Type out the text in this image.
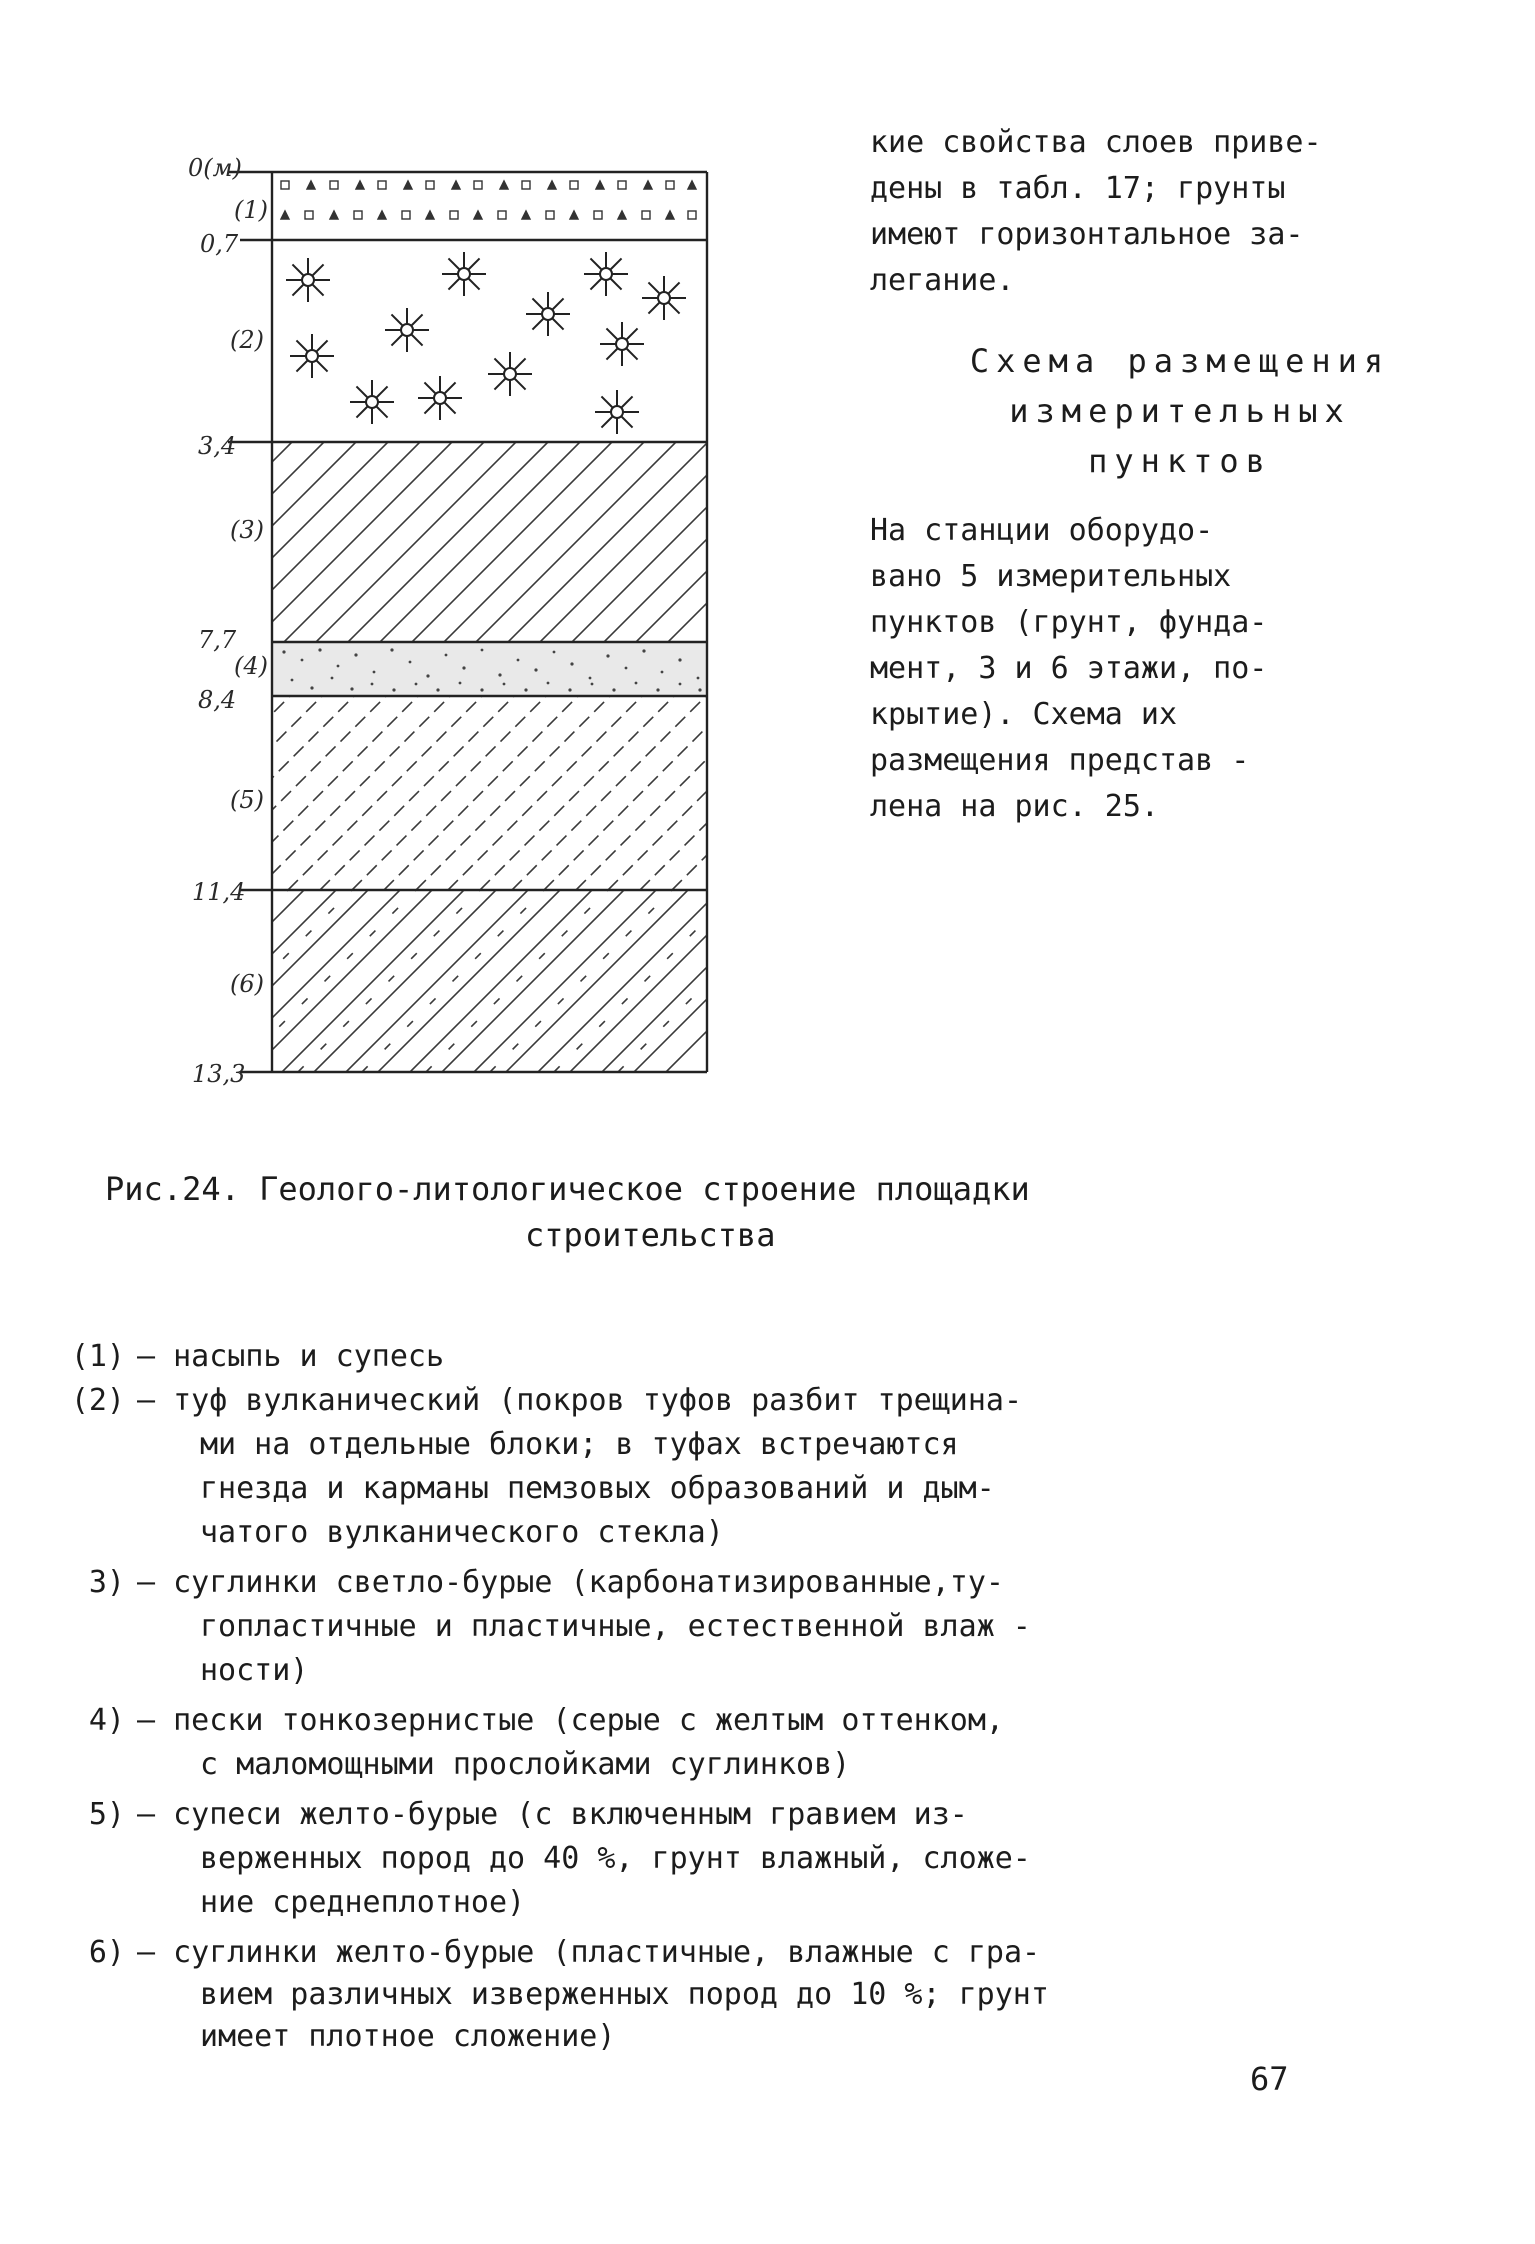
0(м)
0,7
3,4
7,7
8,4
11,4
13,3
(1)
(2)
(3)
(4)
(5)
(6)
кие свойства слоев приве-
дены в табл. 17; грунты
имеют горизонтальное за-
легание.
Схема размещения
измерительных
пунктов
На станции оборудо-
вано 5 измерительных
пунктов (грунт, фунда-
мент, 3 и 6 этажи, по-
крытие). Схема их
размещения представ -
лена на рис. 25.
Рис.24. Геолого-литологическое строение площадки
строительства
(1) – насыпь и супесь
(2) – туф вулканический (покров туфов разбит трещина-
ми на отдельные блоки; в туфах встречаются
гнезда и карманы пемзовых образований и дым-
чатого вулканического стекла)
3) – суглинки светло-бурые (карбонатизированные,ту-
гопластичные и пластичные, естественной влаж -
ности)
4) – пески тонкозернистые (серые с желтым оттенком,
с маломощными прослойками суглинков)
5) – супеси желто-бурые (с включенным гравием из-
верженных пород до 40 %, грунт влажный, сложе-
ние среднеплотное)
6) – суглинки желто-бурые (пластичные, влажные с гра-
вием различных изверженных пород до 10 %; грунт
имеет плотное сложение)
67
